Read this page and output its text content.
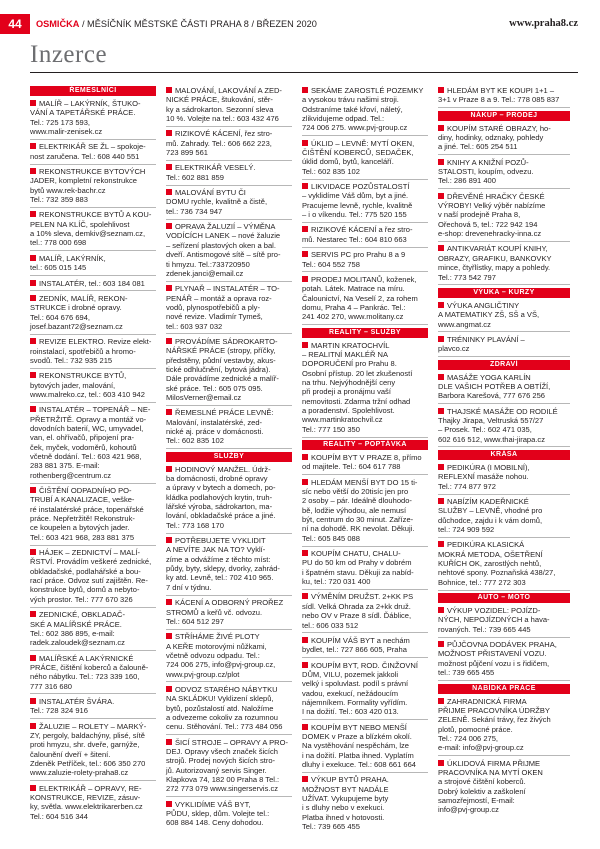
44	OSMIČKA / MĚSÍČNÍK MĚSTSKÉ ČÁSTI PRAHA 8 / BŘEZEN 2020	www.praha8.cz
Inzerce
ŘEMESLNÍCI
MALÍŘ – LAKÝRNÍK, ŠTUKO-
VÁNÍ A TAPETÁŘSKÉ PRÁCE.
Tel.: 725 173 593,
www.malir-zenisek.cz
ELEKTRIKÁŘ SE ŽL – spokoje-
nost zaručena. Tel.: 608 440 551
REKONSTRUKCE BYTOVÝCH
JADER, kompletní rekonstrukce
bytů www.rek-bachr.cz
Tel.: 732 359 883
REKONSTRUKCE BYTŮ A KOU-
PELEN NA KLÍČ, spolehlivost
a 10% sleva, demkiv@seznam.cz,
tel.: 778 000 698
MALÍŘ, LAKÝRNÍK,
tel.: 605 015 145
INSTALATÉR, tel.: 603 184 081
ZEDNÍK, MALÍŘ, REKON-
STRUKCE i drobné opravy.
Tel.: 604 676 694,
josef.bazant72@seznam.cz
REVIZE ELEKTRO. Revize elekt-
roinstalací, spotřebičů a hromo-
svodů. Tel.: 732 935 215
REKONSTRUKCE BYTŮ,
bytových jader, malování,
www.malreko.cz, tel.: 603 410 942
INSTALATÉR – TOPENÁŘ – NE-
PŘETRŽITĚ. Opravy a montáž vo-
dovodních baterií, WC, umyvadel,
van, el. ohřívačů, připojení pra-
ček, myček, vodoměrů, kohoutů
včetně dodání. Tel.: 603 421 968,
283 881 375. E-mail:
rothenberg@centrum.cz
ČIŠTĚNÍ ODPADNÍHO PO-
TRUBÍ A KANALIZACE, veške-
ré instalatérské práce, topenářské
práce. Nepřetržitě! Rekonstruk-
ce koupelen a bytových jader.
Tel.: 603 421 968, 283 881 375
HÁJEK – ZEDNICTVÍ – MALÍ-
ŘSTVÍ. Provádím veškeré zednické,
obkladačské, podlahářské a bou-
rací práce. Odvoz sutí zajištěn. Re-
konstrukce bytů, domů a nebyto-
vých prostor. Tel.: 777 670 326
ZEDNICKÉ, OBKLADAČ-
SKÉ A MALÍŘSKÉ PRÁCE.
Tel.: 602 386 895, e-mail:
radek.zaloudek@seznam.cz
MALÍŘSKÉ A LAKÝRNICKÉ
PRÁCE, čištění koberců a čalouně-
ného nábytku. Tel.: 723 339 160,
777 316 680
INSTALATÉR ŠVÁRA.
Tel.: 728 324 916
ŽALUZIE – ROLETY – MARKÝ-
ZY, pergoly, baldachýny, plisé, sítě
proti hmyzu, shr. dveře, garnýže,
čalounění dveří + šitení.
Zdeněk Petříček, tel.: 606 350 270
www.zaluzie-rolety-praha8.cz
ELEKTRIKÁŘ – OPRAVY, RE-
KONSTRUKCE, REVIZE, zásuv-
ky, světla. www.elektrikarerben.cz
Tel.: 604 516 344
MALOVÁNÍ, LAKOVÁNÍ A ZED-
NICKÉ PRÁCE, štukování, stěr-
ky a sádrokarton. Sezonní sleva
10 %. Volejte na tel.: 603 432 476
RIZIKOVÉ KÁCENÍ, řez stro-
mů. Zahrady. Tel.: 606 662 223,
723 899 561
ELEKTRIKÁŘ VESELÝ.
Tel.: 602 881 859
MALOVÁNÍ BYTU ČI
DOMU rychle, kvalitně a čistě,
tel.: 736 734 947
OPRAVA ŽALUZIÍ – VÝMĚNA
VODÍCÍCH LANEK – nové žaluzie
– seřízení plastových oken a bal.
dveří. Antismogové sítě – sítě pro-
ti hmyzu. Tel.:733720950
zdenek.janci@email.cz
PLYNAŘ – INSTALATÉR – TO-
PENÁŘ – montáž a oprava roz-
vodů, plynospotřebičů a ply-
nové revize. Vladimír Tymeš,
tel.: 603 937 032
PROVÁDÍME SÁDROKARTO-
NÁŘSKÉ PRÁCE (stropy, příčky,
předstěny, půdní vestavby, akus-
tické odhlučnění, bytová jádra).
Dále provádíme zednické a malíř-
ské práce. Tel.: 605 075 095.
MilosVerner@email.cz
ŘEMESLNÉ PRÁCE LEVNĚ:
Malování, instalatérské, zed-
nické aj. práce v domácnosti.
Tel.: 602 835 102
SLUŽBY
HODINOVÝ MANŽEL. Údrž-
ba domácnosti, drobné opravy
a úpravy v bytech a domech, po-
kládka podlahových krytin, truh-
lářské výroba, sádrokarton, ma-
lování, obkladačské práce a jiné.
Tel.: 773 168 170
POTŘEBUJETE VYKLIDIT
A NEVÍTE JAK NA TO? Vyklí-
zíme a odvážíme z těchto míst:
půdy, byty, sklepy, dvorky, zahrád-
ky atd. Levně, tel.: 702 410 965.
7 dní v týdnu.
KÁCENÍ A ODBORNÝ PROŘEZ
STROMŮ a keřů vč. odvozu.
Tel.: 604 512 297
STŘÍHÁME ŽIVÉ PLOTY
A KEŘE motorovými nůžkami,
včetně odvozu odpadu. Tel.:
724 006 275, info@pvj-group.cz,
www.pvj-group.cz/plot
ODVOZ STARÉHO NÁBYTKU
NA SKLÁDKU! Vyklizení sklepů,
bytů, pozůstalostí atd. Naložíme
a odvezeme cokoliv za rozumnou
cenu. Stěhování. Tel.: 773 484 056
ŠICÍ STROJE – OPRAVY A PRO-
DEJ. Opravy všech značek šicích
strojů. Prodej nových šicích stro-
jů. Autorizovaný servis Singer.
Klapkova 74, 182 00 Praha 8 Tel.:
272 773 079 www.singerservis.cz
VYKLIDÍME VÁŠ BYT,
PŮDU, sklep, dům. Volejte tel.:
608 884 148. Ceny dohodou.
SEKÁME ZAROSTLÉ POZEMKY
a vysokou trávu našimi stroji.
Odstraníme také křoví, náletý,
zlikvidujeme odpad. Tel.:
724 006 275. www.pvj-group.cz
ÚKLID – LEVNĚ: MYTÍ OKEN,
ČIŠTĚNÍ KOBERCŮ, SEDAČEK,
úklid domů, bytů, kanceláří.
Tel.: 602 835 102
LIKVIDACE POZŮSTALOSTÍ
– vyklidíme Váš dům, byt a jiné.
Pracujeme levně, rychle, kvalitně
– i o víkendu. Tel.: 775 520 155
RIZIKOVÉ KÁCENÍ a řez stro-
mů. Nestarec Tel.: 604 810 663
SERVIS PC pro Prahu 8 a 9
Tel.: 604 552 758
PRODEJ MOLITANŮ, koženek,
potah. Látek. Matrace na míru.
Čalounictví, Na Veselí 2, za rohem
domu, Praha 4 – Pankrác. Tel.:
241 402 270, www.molitany.cz
REALITY – SLUŽBY
MARTIN KRATOCHVÍL
– REALITNÍ MAKLÉŘ NA
DOPORUČENÍ pro Prahu 8.
Osobní přístup. 20 let zkušeností
na trhu. Nejvýhodnější ceny
při prodeji a pronájmu vaší
nemovitosti. Zdarma tržní odhad
a poradenství. Spolehlivost.
www.martinkratochvil.cz
Tel.: 777 150 350
REALITY – POPTÁVKA
KOUPÍM BYT V PRAZE 8, přímo
od majitele. Tel.: 604 617 788
HLEDÁM MENŠÍ BYT DO 15 ti-
síc nebo větší do 20tisíc jen pro
2 osoby – pár. Ideálně dlouhodo-
bě, lodžie výhodou, ale nemusí
být, centrum do 30 minut. Zaříze-
ní na dohodě. RK nevolat. Děkuji.
Tel.: 605 845 088
KOUPÍM CHATU, CHALU-
PU do 50 km od Prahy v dobrém
i špatném stavu. Děkuji za nabíd-
ku, tel.: 720 031 400
VÝMĚNÍM DRUŽST. 2+KK PS
sídl. Velká Ohrada za 2+kk druž.
nebo OV v Praze 8 sídl. Ďáblice,
tel.: 606 033 512
KOUPÍM VÁŠ BYT a nechám
bydlet, tel.: 727 866 605, Praha
KOUPÍM BYT, ROD. ČINŽOVNÍ
DŮM, VILU, pozemek jakkoli
velký i spoluvlast. podíl s právní
vadou, exekucí, nežádoucím
nájemníkem. Formality vyřídím.
I na dožití. Tel.: 603 420 013.
KOUPÍM BYT NEBO MENŠÍ
DOMEK v Praze a blízkém okolí.
Na vystěhování nespěchám, lze
i na dožití. Platba ihned. Vyplatím
dluhy i exekuce. Tel.: 608 661 664
VÝKUP BYTŮ PRAHA.
MOŽNOST BYT NADÁLE
UŽÍVAT. Vykupujeme byty
i s dluhy nebo v exekuci.
Platba ihned v hotovosti.
Tel.: 739 665 455
HLEDÁM BYT KE KOUPI 1+1 –
3+1 v Praze 8 a 9. Tel.: 778 085 837
NÁKUP – PRODEJ
KOUPÍM STARÉ OBRAZY, ho-
diny, hodinky, odznaky, pohledy
a jiné. Tel.: 605 254 511
KNIHY A KNIŽNÍ POZŮ-
STALOSTI, koupím, odvezu.
Tel.: 286 891 400
DŘEVĚNÉ HRAČKY ČESKÉ
VÝROBY! Velký výběr nabízíme
v naší prodejně Praha 8,
Ořechová 5, tel.: 722 942 194
e-shop: drevenehracky-inna.cz
ANTIKVARIÁT KOUPÍ KNIHY,
OBRAZY, GRAFIKU, BANKOVKY
mince, čtyřlístky, mapy a pohledy.
Tel.: 773 542 797
VÝUKA – KURZY
VÝUKA ANGLIČTINY
A MATEMATIKY ZŠ, SŠ a VŠ,
www.angmat.cz
TRÉNINKY PLAVÁNÍ –
plavco.cz
ZDRAVÍ
MASÁŽE YOGA KARLÍN
DLE VAŠICH POTŘEB A OBTÍŽÍ,
Barbora Karešová, 777 676 256
THAJSKÉ MASÁŽE OD RODILÉ
Thajky Jirapa, Veltruská 557/27
– Prosek. Tel.: 602 471 035,
602 616 512, www.thai-jirapa.cz
KRÁSA
PEDIKÚRA (I MOBILNÍ),
REFLEXNÍ masáže nohou.
Tel.: 774 877 972
NABÍZÍM KADEŘNICKÉ
SLUŽBY – LEVNĚ, vhodné pro
důchodce, zajdu i k vám domů,
tel.: 724 909 592
PEDIKÚRA KLASICKÁ
MOKRÁ METODA, OŠETŘENÍ
KUŘÍCH OK, zarostlých nehtů,
nehtové spony. Poznaňská 438/27,
Bohnice, tel.: 777 272 303
AUTO – MOTO
VÝKUP VOZIDEL: POJÍZD-
NÝCH, NEPOJÍZDNÝCH a hava-
rovaných. Tel.: 739 665 445
PŮJČOVNA DODÁVEK PRAHA,
MOŽNOST PŘISTAVENÍ VOZU.
možnost půjčení vozu i s řidičem,
tel.: 739 665 455
NABÍDKA PRÁCE
ZAHRADNICKÁ FIRMA
PŘIJME PRACOVNÍKA ÚDRŽBY
ZELENĚ. Sekání trávy, řez živých
plotů, pomocné práce.
Tel.: 724 006 275,
e-mail: info@pvj-group.cz
ÚKLIDOVÁ FIRMA PŘIJME
PRACOVNÍKA NA MYTÍ OKEN
a strojové čištění koberců.
Dobrý kolektiv a zaškolení
samozřejmostí, E-mail:
info@pvj-group.cz
